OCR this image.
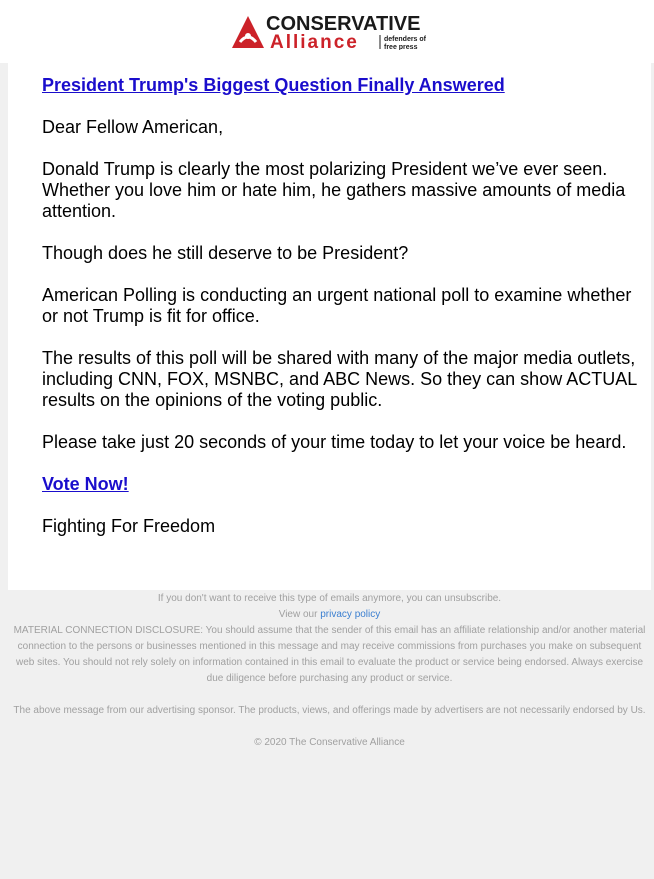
CONSERVATIVE
Alliance	defenders of
free press

President Trump's Biggest Question Finally Answered

Dear Fellow American,

Donald Trump is clearly the most polarizing President we’ve ever seen. Whether you love him or hate him, he gathers massive amounts of media attention.

Though does he still deserve to be President?

American Polling is conducting an urgent national poll to examine whether or not Trump is fit for office.

The results of this poll will be shared with many of the major media outlets, including CNN, FOX, MSNBC, and ABC News. So they can show ACTUAL results on the opinions of the voting public.

Please take just 20 seconds of your time today to let your voice be heard.

Vote Now!

Fighting For Freedom

If you don't want to receive this type of emails anymore, you can unsubscribe.

View our privacy policy

MATERIAL CONNECTION DISCLOSURE: You should assume that the sender of this email has an affiliate relationship and/or another material connection to the persons or businesses mentioned in this message and may receive commissions from purchases you make on subsequent web sites. You should not rely solely on information contained in this email to evaluate the product or service being endorsed. Always exercise due diligence before purchasing any product or service.

The above message from our advertising sponsor. The products, views, and offerings made by advertisers are not necessarily endorsed by Us.

© 2020 The Conservative Alliance
